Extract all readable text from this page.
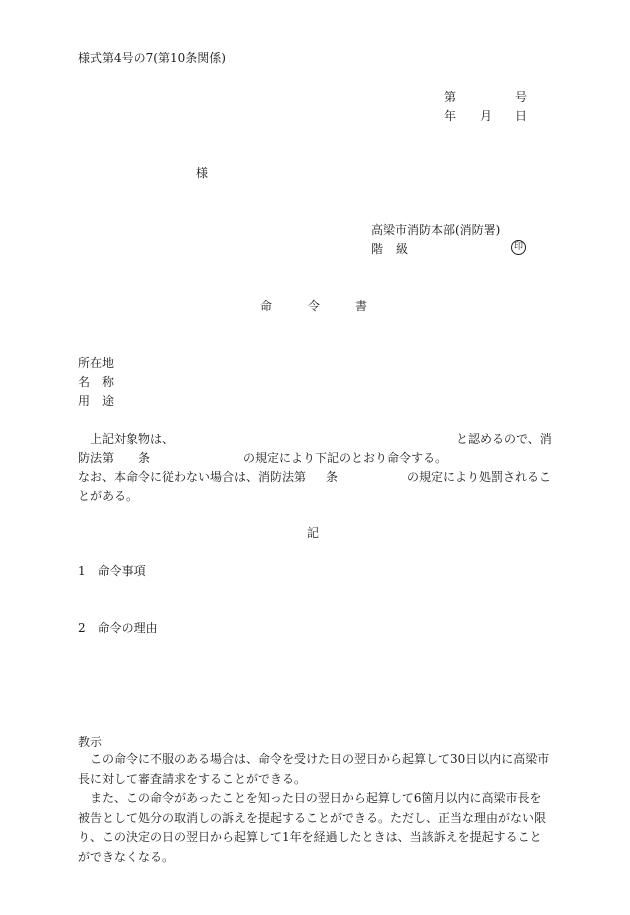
様式第4号の7(第10条関係)
第	号
年 月 日
様
高梁市消防本部(消防署)
階 級	印
命	令	書
所在地
名 称
用 途
上記対象物は、	と認めるので、消
防法第 条	の規定により下記のとおり命令する。
なお、本命令に従わない場合は、消防法第 条	の規定により処罰されるこ
とがある。
記
1　命令事項
2　命令の理由
教示

この命令に不服のある場合は、命令を受けた日の翌日から起算して30日以内に高梁市長に対して審査請求をすることができる。

また、この命令があったことを知った日の翌日から起算して6箇月以内に高梁市長を被告として処分の取消しの訴えを提起することができる。ただし、正当な理由がない限り、この決定の日の翌日から起算して1年を経過したときは、当該訴えを提起することができなくなる。
